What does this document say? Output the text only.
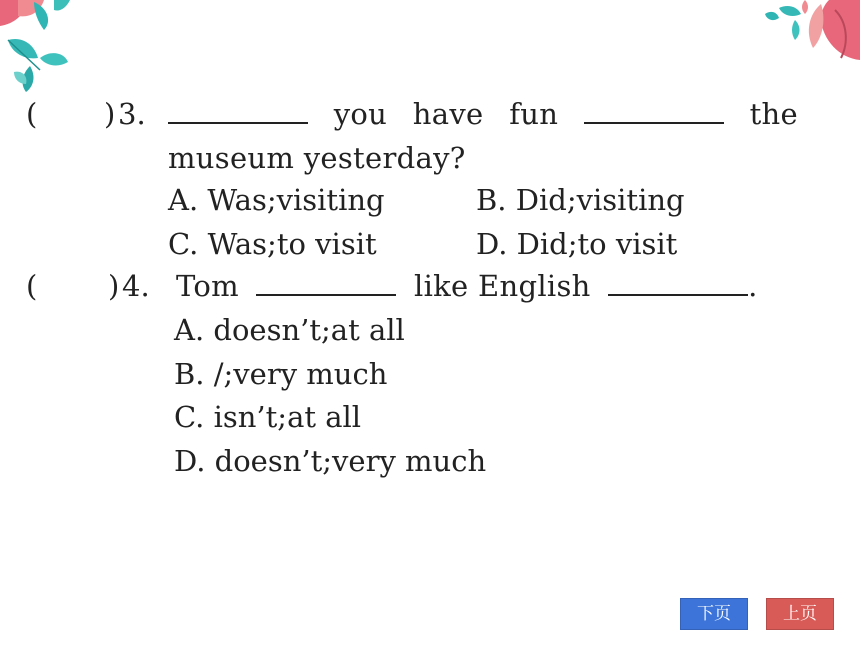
( ) 3.	you have fun	the
museum yesterday?
A. Was;visiting	B. Did;visiting
C. Was;to visit	D. Did;to visit
( ) 4. Tom	like English	.
A. doesn’t;at all
B. /;very much
C. isn’t;at all
D. doesn’t;very much
下页	上页
